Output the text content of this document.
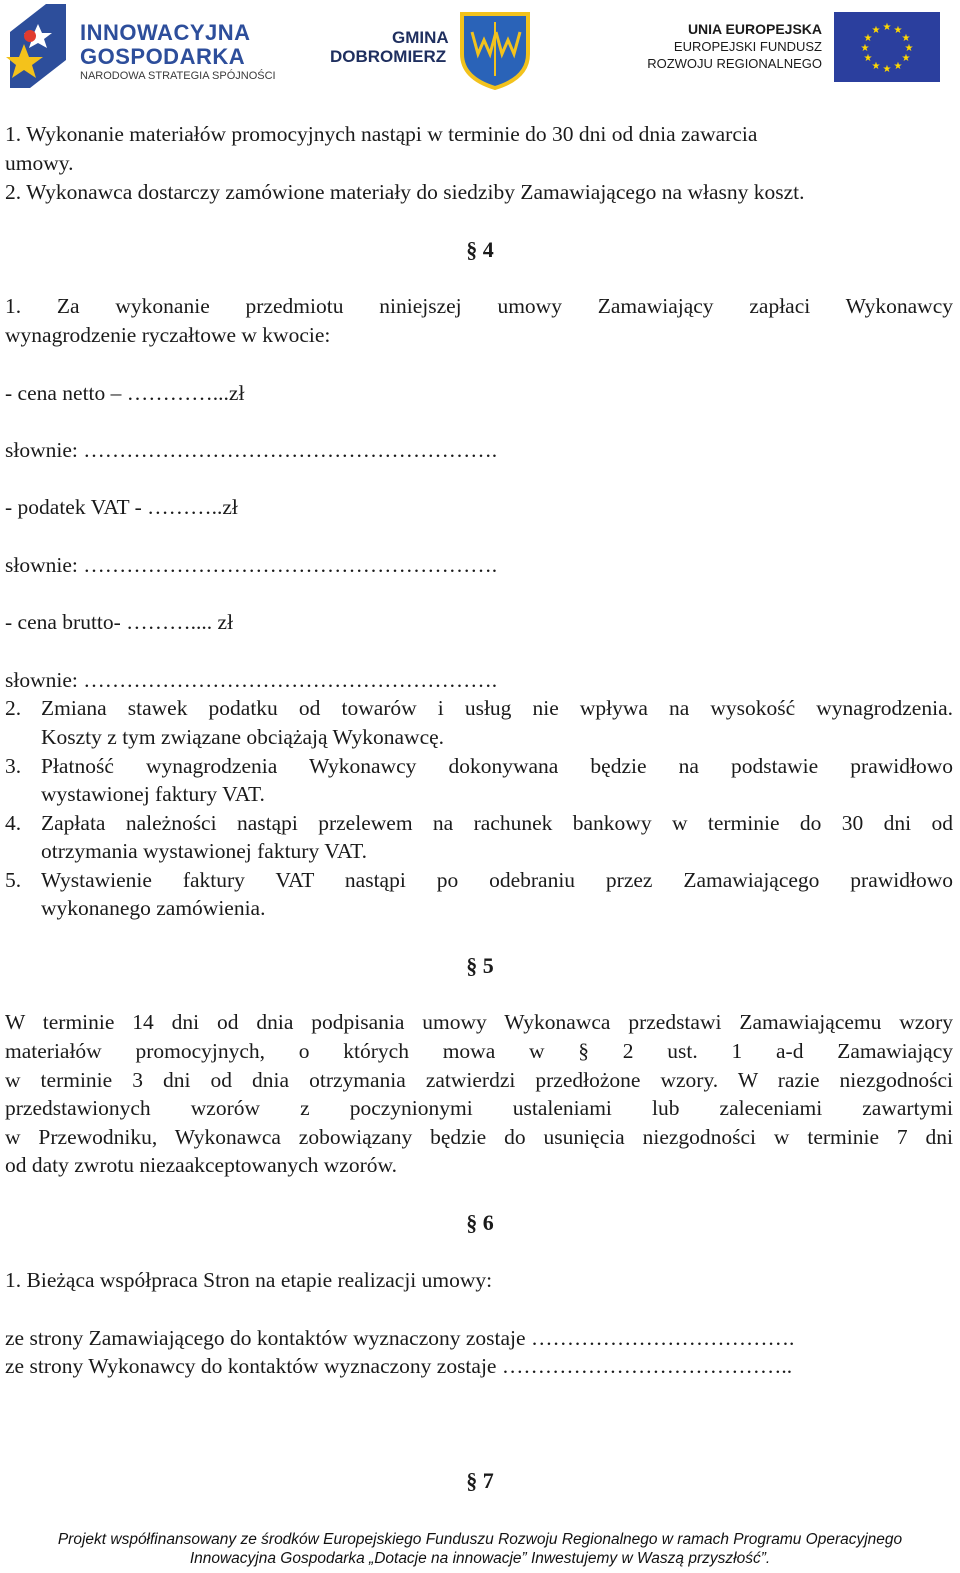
INNOWACYJNA
GOSPODARKA
NARODOWA STRATEGIA SPÓJNOŚCI
GMINA
DOBROMIERZ
UNIA EUROPEJSKA
EUROPEJSKI FUNDUSZ
ROZWOJU REGIONALNEGO
★ ★
★
★
★
★
★
★
★
★
★
★
1. Wykonanie materiałów promocyjnych nastąpi w terminie do 30 dni od dnia zawarcia
umowy.
2. Wykonawca dostarczy zamówione materiały do siedziby Zamawiającego na własny koszt.
§ 4
1. Za wykonanie przedmiotu niniejszej umowy Zamawiający zapłaci Wykonawcy
wynagrodzenie ryczałtowe w kwocie:
- cena netto – …………...zł
słownie: ………………………………………………….
- podatek VAT - ………..zł
słownie: ………………………………………………….
- cena brutto- ……….... zł
słownie: ………………………………………………….
2. Zmiana stawek podatku od towarów i usług nie wpływa na wysokość wynagrodzenia.
Koszty z tym związane obciążają Wykonawcę.
3. Płatność wynagrodzenia Wykonawcy dokonywana będzie na podstawie prawidłowo
wystawionej faktury VAT.
4. Zapłata należności nastąpi przelewem na rachunek bankowy w terminie do 30 dni od
otrzymania wystawionej faktury VAT.
5. Wystawienie faktury VAT nastąpi po odebraniu przez Zamawiającego prawidłowo
wykonanego zamówienia.
§ 5
W terminie 14 dni od dnia podpisania umowy Wykonawca przedstawi Zamawiającemu wzory
materiałów promocyjnych, o których mowa w § 2 ust. 1 a-d Zamawiający
w terminie 3 dni od dnia otrzymania zatwierdzi przedłożone wzory. W razie niezgodności
przedstawionych wzorów z poczynionymi ustaleniami lub zaleceniami zawartymi
w Przewodniku, Wykonawca zobowiązany będzie do usunięcia niezgodności w terminie 7 dni
od daty zwrotu niezaakceptowanych wzorów.
§ 6
1. Bieżąca współpraca Stron na etapie realizacji umowy:
ze strony Zamawiającego do kontaktów wyznaczony zostaje ……………………………….
ze strony Wykonawcy do kontaktów wyznaczony zostaje …………………………………..
§ 7
Projekt współfinansowany ze środków Europejskiego Funduszu Rozwoju Regionalnego w ramach Programu Operacyjnego
Innowacyjna Gospodarka „Dotacje na innowacje” Inwestujemy w Waszą przyszłość”.
